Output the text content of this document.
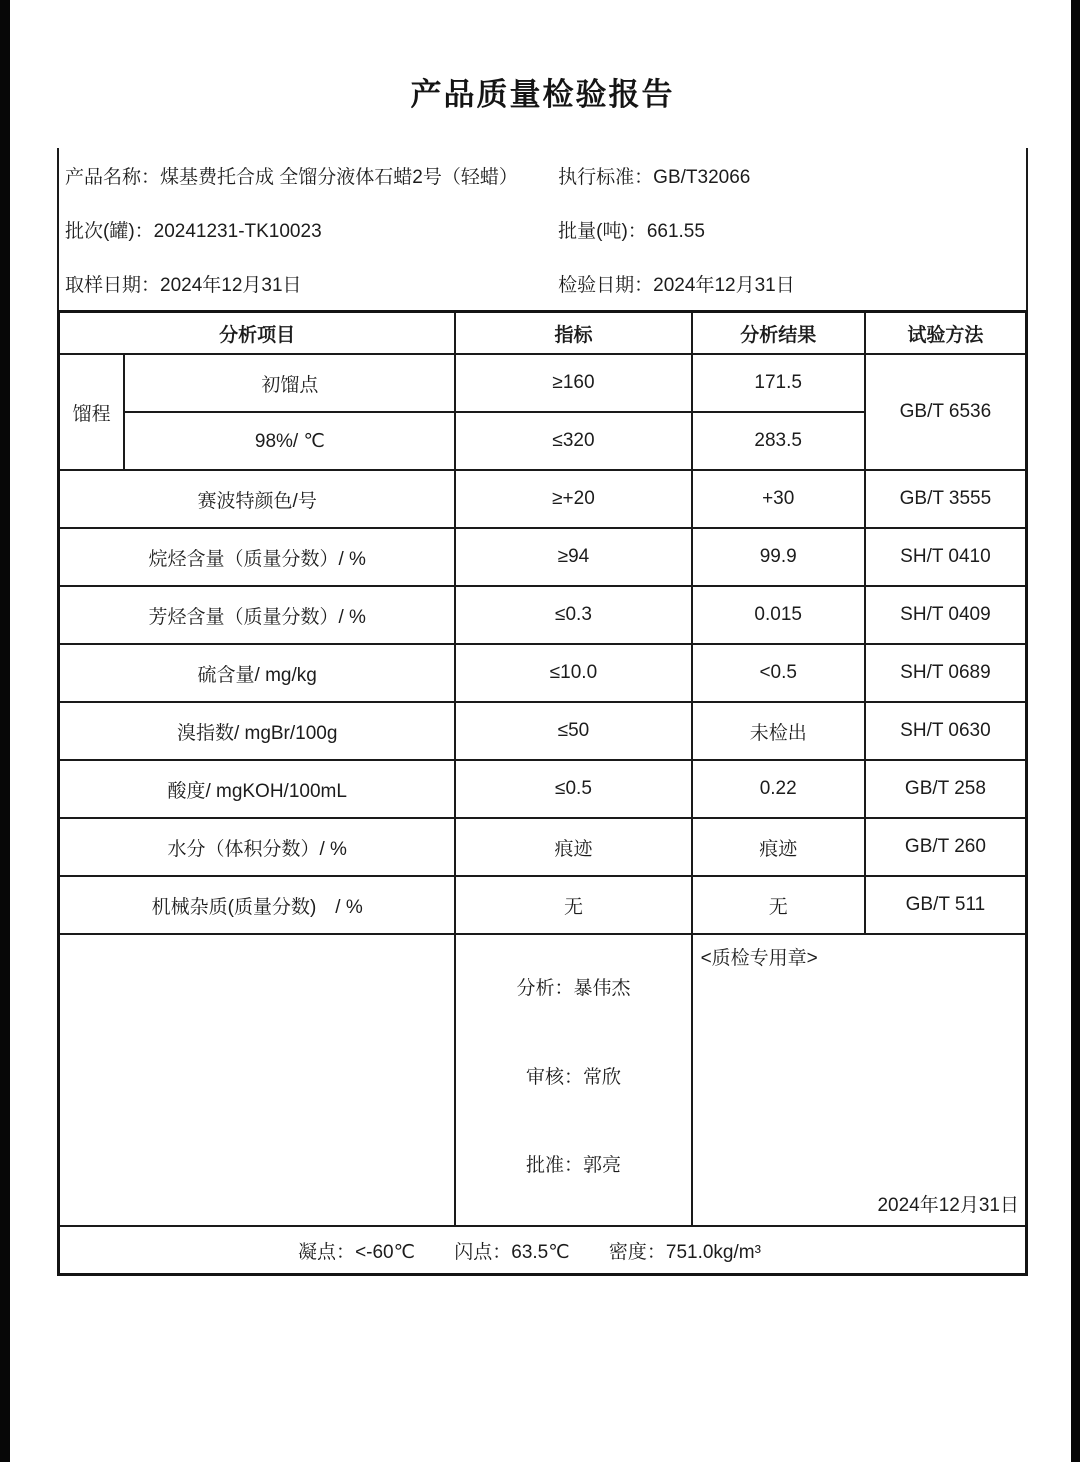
产品质量检验报告
产品名称：煤基费托合成 全馏分液体石蜡2号（轻蜡）	执行标准：GB/T32066
批次(罐)：20241231-TK10023	批量(吨)：661.55
取样日期：2024年12月31日	检验日期：2024年12月31日
分析项目		指标	分析结果	试验方法
馏程	初馏点	≥160	171.5	GB/T 6536
	98%/ ℃	≤320	283.5	
赛波特颜色/号		≥+20	+30	GB/T 3555
烷烃含量（质量分数）/ %		≥94	99.9	SH/T 0410
芳烃含量（质量分数）/ %		≤0.3	0.015	SH/T 0409
硫含量/ mg/kg		≤10.0	<0.5	SH/T 0689
溴指数/ mgBr/100g		≤50	未检出	SH/T 0630
酸度/ mgKOH/100mL		≤0.5	0.22	GB/T 258
水分（体积分数）/ %		痕迹	痕迹	GB/T 260
机械杂质(质量分数)　/ %		无	无	GB/T 511

分析：暴伟杰
审核：常欣
批准：郭亮

<质检专用章>
2024年12月31日

凝点：<-60℃ 闪点：63.5℃ 密度：751.0kg/m³				
